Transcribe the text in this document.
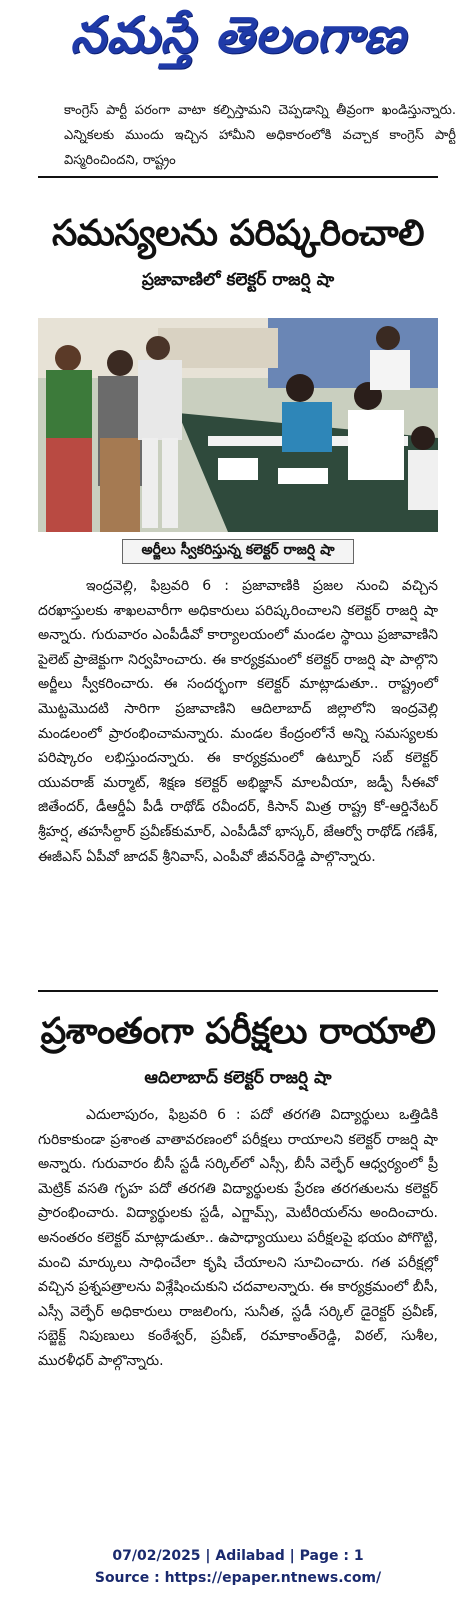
నమస్తే తెలంగాణ

కాంగ్రెస్ పార్టీ పరంగా వాటా కల్పిస్తామని చెప్పడాన్ని తీవ్రంగా ఖండిస్తున్నారు. ఎన్నికలకు ముందు ఇచ్చిన హామీని అధికారంలోకి వచ్చాక కాంగ్రెస్ పార్టీ విస్మరించిందని, రాష్ట్రం

సమస్యలను పరిష్కరించాలి
ప్రజావాణిలో కలెక్టర్ రాజర్షి షా
అర్జీలు స్వీకరిస్తున్న కలెక్టర్ రాజర్షి షా

ఇంద్రవెల్లి, ఫిబ్రవరి 6 : ప్రజావాణికి ప్రజల నుంచి వచ్చిన దరఖాస్తులకు శాఖలవారీగా అధికారులు పరిష్కరించాలని కలెక్టర్ రాజర్షి షా అన్నారు. గురువారం ఎంపీడీవో కార్యాలయంలో మండల స్థాయి ప్రజావాణిని పైలెట్ ప్రాజెక్టుగా నిర్వహించారు. ఈ కార్యక్రమంలో కలెక్టర్ రాజర్షి షా పాల్గొని అర్జీలు స్వీకరించారు. ఈ సందర్భంగా కలెక్టర్ మాట్లాడుతూ.. రాష్ట్రంలో మొట్టమొదటి సారిగా ప్రజావాణిని ఆదిలాబాద్ జిల్లాలోని ఇంద్రవెల్లి మండలంలో ప్రారంభించామన్నారు. మండల కేంద్రంలోనే అన్ని సమస్యలకు పరిష్కారం లభిస్తుందన్నారు. ఈ కార్యక్రమంలో ఉట్నూర్ సబ్ కలెక్టర్ యువరాజ్ మర్మాట్, శిక్షణ కలెక్టర్ అభిజ్ఞాన్ మాలవీయా, జడ్పీ సీఈవో జితేందర్, డీఆర్డీఏ పీడీ రాథోడ్ రవీందర్, కిసాన్ మిత్ర రాష్ట్ర కో-ఆర్డినేటర్ శ్రీహర్ష, తహసీల్దార్ ప్రవీణ్‌కుమార్, ఎంపీడీవో భాస్కర్, జేఆర్వో రాథోడ్ గణేశ్, ఈజీఎస్ ఏపీవో జాదవ్ శ్రీనివాస్, ఎంపీవో జీవన్‌రెడ్డి పాల్గొన్నారు.

ప్రశాంతంగా పరీక్షలు రాయాలి
ఆదిలాబాద్ కలెక్టర్ రాజర్షి షా

ఎదులాపురం, ఫిబ్రవరి 6 : పదో తరగతి విద్యార్థులు ఒత్తిడికి గురికాకుండా ప్రశాంత వాతావరణంలో పరీక్షలు రాయాలని కలెక్టర్ రాజర్షి షా అన్నారు. గురువారం బీసీ స్టడీ సర్కిల్‌లో ఎస్సీ, బీసీ వెల్ఫేర్ ఆధ్వర్యంలో ప్రీ మెట్రిక్ వసతి గృహ పదో తరగతి విద్యార్థులకు ప్రేరణ తరగతులను కలెక్టర్ ప్రారంభించారు. విద్యార్థులకు స్టడీ, ఎగ్జామ్స్, మెటీరియల్‌ను అందించారు. అనంతరం కలెక్టర్ మాట్లాడుతూ.. ఉపాధ్యాయులు పరీక్షలపై భయం పోగొట్టి, మంచి మార్కులు సాధించేలా కృషి చేయాలని సూచించారు. గత పరీక్షల్లో వచ్చిన ప్రశ్నపత్రాలను విశ్లేషించుకుని చదవాలన్నారు. ఈ కార్యక్రమంలో బీసీ, ఎస్సీ వెల్ఫేర్ అధికారులు రాజలింగు, సునీత, స్టడీ సర్కిల్ డైరెక్టర్ ప్రవీణ్, సబ్జెక్ట్ నిపుణులు కంఠేశ్వర్, ప్రవీణ్, రమాకాంత్‌రెడ్డి, విఠల్, సుశీల, మురళీధర్ పాల్గొన్నారు.

07/02/2025 | Adilabad | Page : 1
Source : https://epaper.ntnews.com/
